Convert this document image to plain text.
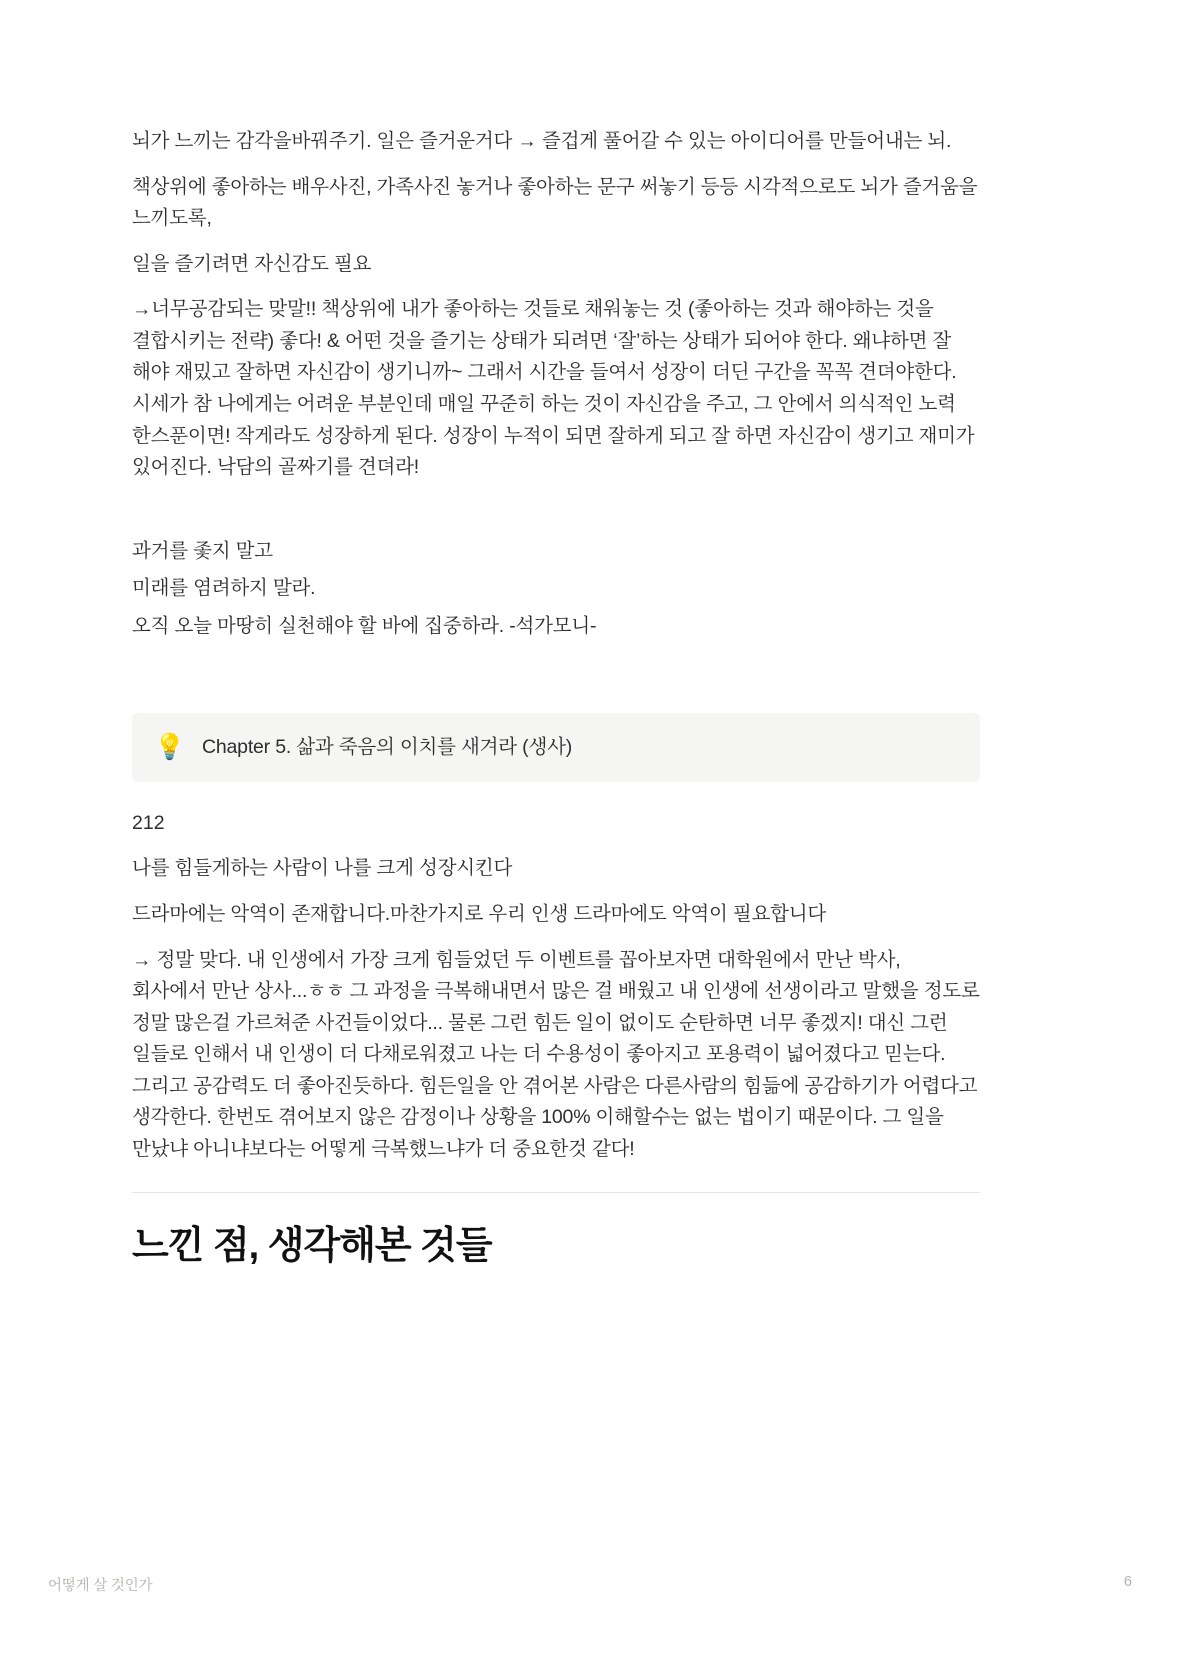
뇌가 느끼는 감각을바꿔주기. 일은 즐거운거다 → 즐겁게 풀어갈 수 있는 아이디어를 만들어내는 뇌.

책상위에 좋아하는 배우사진, 가족사진 놓거나 좋아하는 문구 써놓기 등등 시각적으로도 뇌가 즐거움을 느끼도록,

일을 즐기려면 자신감도 필요

→너무공감되는 맞말!! 책상위에 내가 좋아하는 것들로 채워놓는 것 (좋아하는 것과 해야하는 것을 결합시키는 전략) 좋다! & 어떤 것을 즐기는 상태가 되려면 ‘잘’하는 상태가 되어야 한다. 왜냐하면 잘 해야 재밌고 잘하면 자신감이 생기니까~ 그래서 시간을 들여서 성장이 더딘 구간을 꼭꼭 견뎌야한다. 시세가 참 나에게는 어려운 부분인데 매일 꾸준히 하는 것이 자신감을 주고, 그 안에서 의식적인 노력 한스푼이면! 작게라도 성장하게 된다. 성장이 누적이 되면 잘하게 되고 잘 하면 자신감이 생기고 재미가 있어진다. 낙담의 골짜기를 견뎌라!

과거를 좇지 말고

미래를 염려하지 말라.

오직 오늘 마땅히 실천해야 할 바에 집중하라. -석가모니-

💡 Chapter 5. 삶과 죽음의 이치를 새겨라 (생사)

212

나를 힘들게하는 사람이 나를 크게 성장시킨다

드라마에는 악역이 존재합니다.마찬가지로 우리 인생 드라마에도 악역이 필요합니다

→ 정말 맞다. 내 인생에서 가장 크게 힘들었던 두 이벤트를 꼽아보자면 대학원에서 만난 박사, 회사에서 만난 상사...ㅎㅎ 그 과정을 극복해내면서 많은 걸 배웠고 내 인생에 선생이라고 말했을 정도로 정말 많은걸 가르쳐준 사건들이었다... 물론 그런 힘든 일이 없이도 순탄하면 너무 좋겠지! 대신 그런 일들로 인해서 내 인생이 더 다채로워졌고 나는 더 수용성이 좋아지고 포용력이 넓어졌다고 믿는다. 그리고 공감력도 더 좋아진듯하다. 힘든일을 안 겪어본 사람은 다른사람의 힘듦에 공감하기가 어렵다고 생각한다. 한번도 겪어보지 않은 감정이나 상황을 100% 이해할수는 없는 법이기 때문이다. 그 일을 만났냐 아니냐보다는 어떻게 극복했느냐가 더 중요한것 같다!

느낀 점, 생각해본 것들
어떻게 살 것인가	6
